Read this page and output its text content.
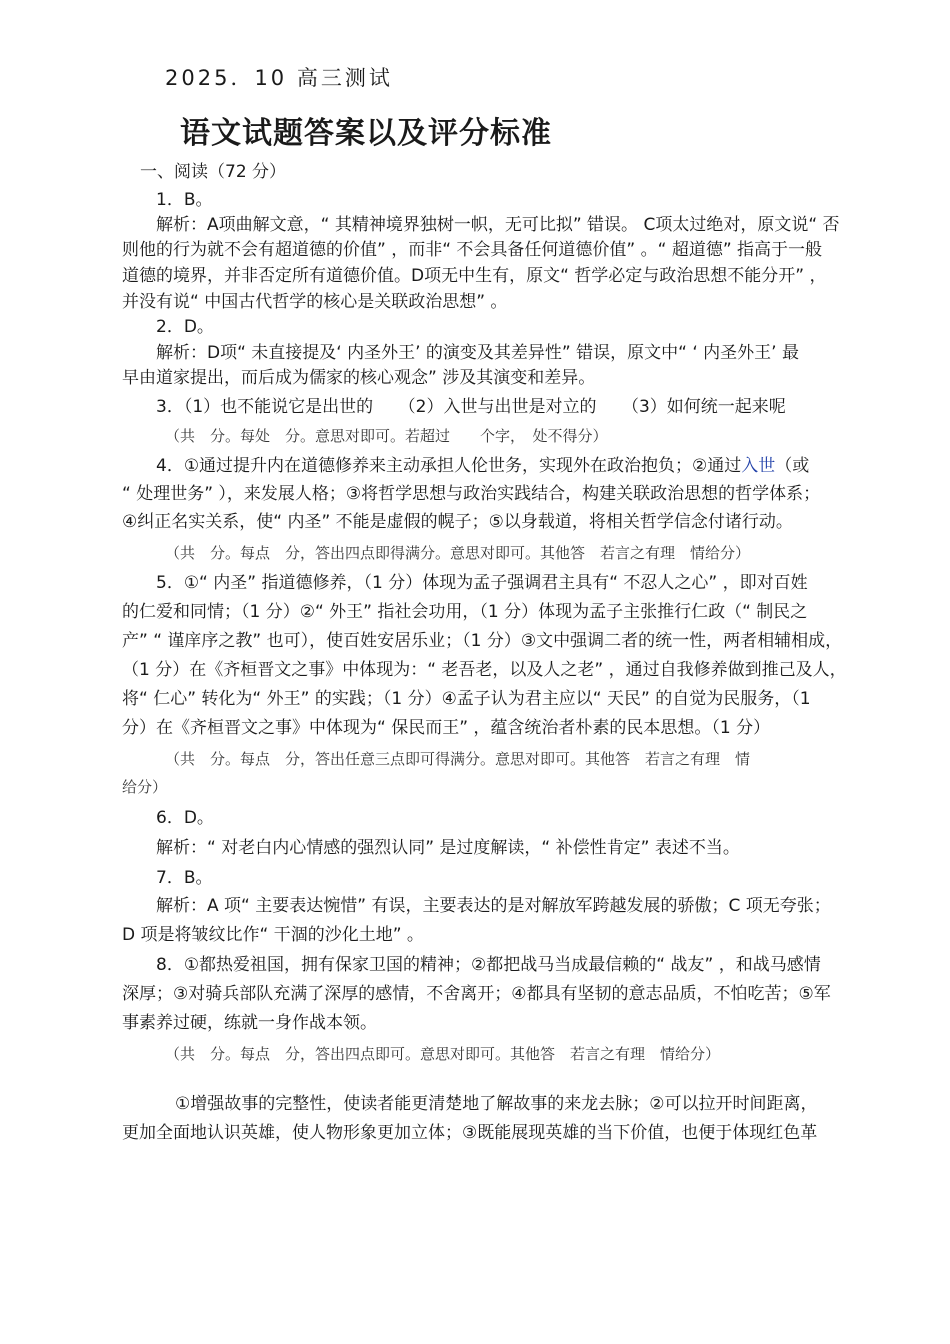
2025．10 高三测试
语文试题答案以及评分标准
一、阅读（72 分）
1．B。
解析：A项曲解文意，“ 其精神境界独树一帜，无可比拟” 错误。 C项太过绝对，原文说“ 否
则他的行为就不会有超道德的价值” ，而非“ 不会具备任何道德价值” 。“ 超道德” 指高于一般
道德的境界，并非否定所有道德价值。D项无中生有，原文“ 哲学必定与政治思想不能分开” ，
并没有说“ 中国古代哲学的核心是关联政治思想” 。
2．D。
解析：D项“ 未直接提及‘ 内圣外王’ 的演变及其差异性” 错误，原文中“ ‘ 内圣外王’ 最
早由道家提出，而后成为儒家的核心观念” 涉及其演变和差异。
3．（1）也不能说它是出世的　　（2）入世与出世是对立的　　（3）如何统一起来呢
（共　分。每处　分。意思对即可。若超过　　个字，　处不得分）
4．①通过提升内在道德修养来主动承担人伦世务，实现外在政治抱负；②通过入世（或
“ 处理世务” ），来发展人格；③将哲学思想与政治实践结合，构建关联政治思想的哲学体系；
④纠正名实关系，使“ 内圣” 不能是虚假的幌子；⑤以身载道，将相关哲学信念付诸行动。
（共　分。每点　分，答出四点即得满分。意思对即可。其他答　若言之有理　情给分）
5．①“ 内圣” 指道德修养，（1 分）体现为孟子强调君主具有“ 不忍人之心” ，即对百姓
的仁爱和同情；（1 分）②“ 外王” 指社会功用，（1 分）体现为孟子主张推行仁政（“ 制民之
产” “ 谨庠序之教” 也可），使百姓安居乐业；（1 分）③文中强调二者的统一性，两者相辅相成，
（1 分）在《齐桓晋文之事》中体现为：“ 老吾老，以及人之老” ，通过自我修养做到推己及人，
将“ 仁心” 转化为“ 外王” 的实践；（1 分）④孟子认为君主应以“ 天民” 的自觉为民服务，（1
分）在《齐桓晋文之事》中体现为“ 保民而王” ，蕴含统治者朴素的民本思想。（1 分）
（共　分。每点　分，答出任意三点即可得满分。意思对即可。其他答　若言之有理　情
给分）
6．D。
解析：“ 对老白内心情感的强烈认同” 是过度解读，“ 补偿性肯定” 表述不当。
7．B。
解析：A 项“ 主要表达惋惜” 有误，主要表达的是对解放军跨越发展的骄傲；C 项无夸张；
D 项是将皱纹比作“ 干涸的沙化土地” 。
8．①都热爱祖国，拥有保家卫国的精神；②都把战马当成最信赖的“ 战友” ，和战马感情
深厚；③对骑兵部队充满了深厚的感情，不舍离开；④都具有坚韧的意志品质，不怕吃苦；⑤军
事素养过硬，练就一身作战本领。
（共　分。每点　分，答出四点即可。意思对即可。其他答　若言之有理　情给分）
①增强故事的完整性，使读者能更清楚地了解故事的来龙去脉；②可以拉开时间距离，
更加全面地认识英雄，使人物形象更加立体；③既能展现英雄的当下价值，也便于体现红色革
